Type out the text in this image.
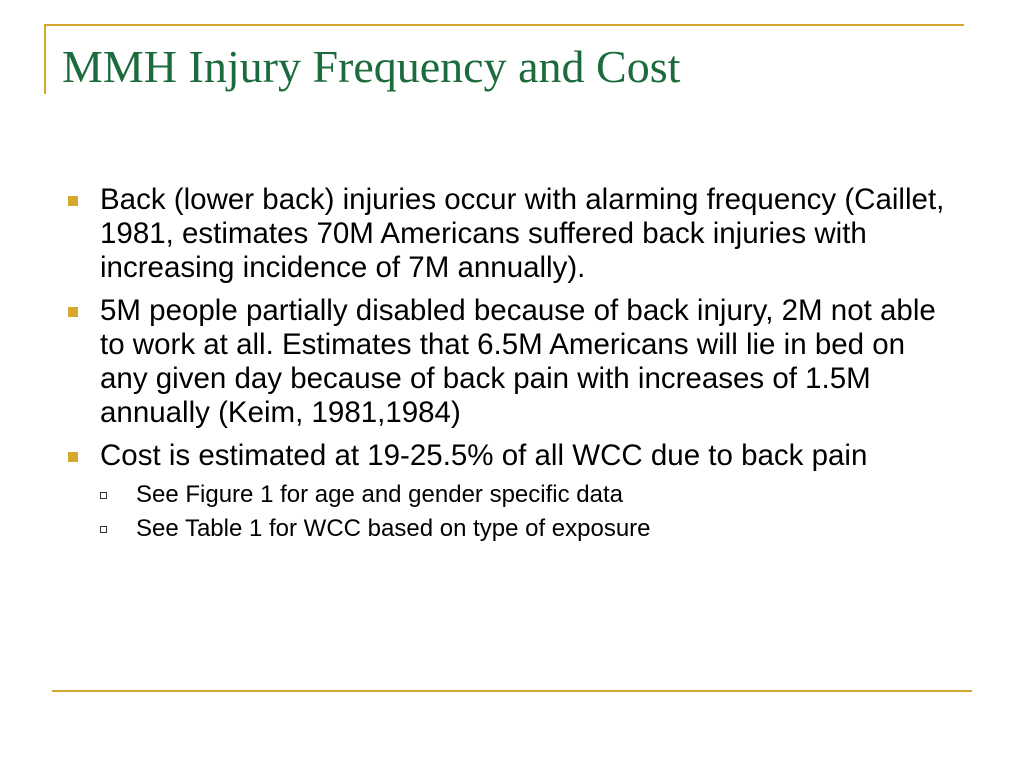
MMH Injury Frequency and Cost
Back (lower back) injuries occur with alarming frequency (Caillet, 1981, estimates 70M Americans suffered back injuries with increasing incidence of 7M annually).
5M people partially disabled because of back injury, 2M not able to work at all. Estimates that 6.5M Americans will lie in bed on any given day because of back pain with increases of 1.5M annually (Keim, 1981,1984)
Cost is estimated at 19-25.5% of all WCC due to back pain
See Figure 1 for age and gender specific data
See Table 1 for WCC based on type of exposure
